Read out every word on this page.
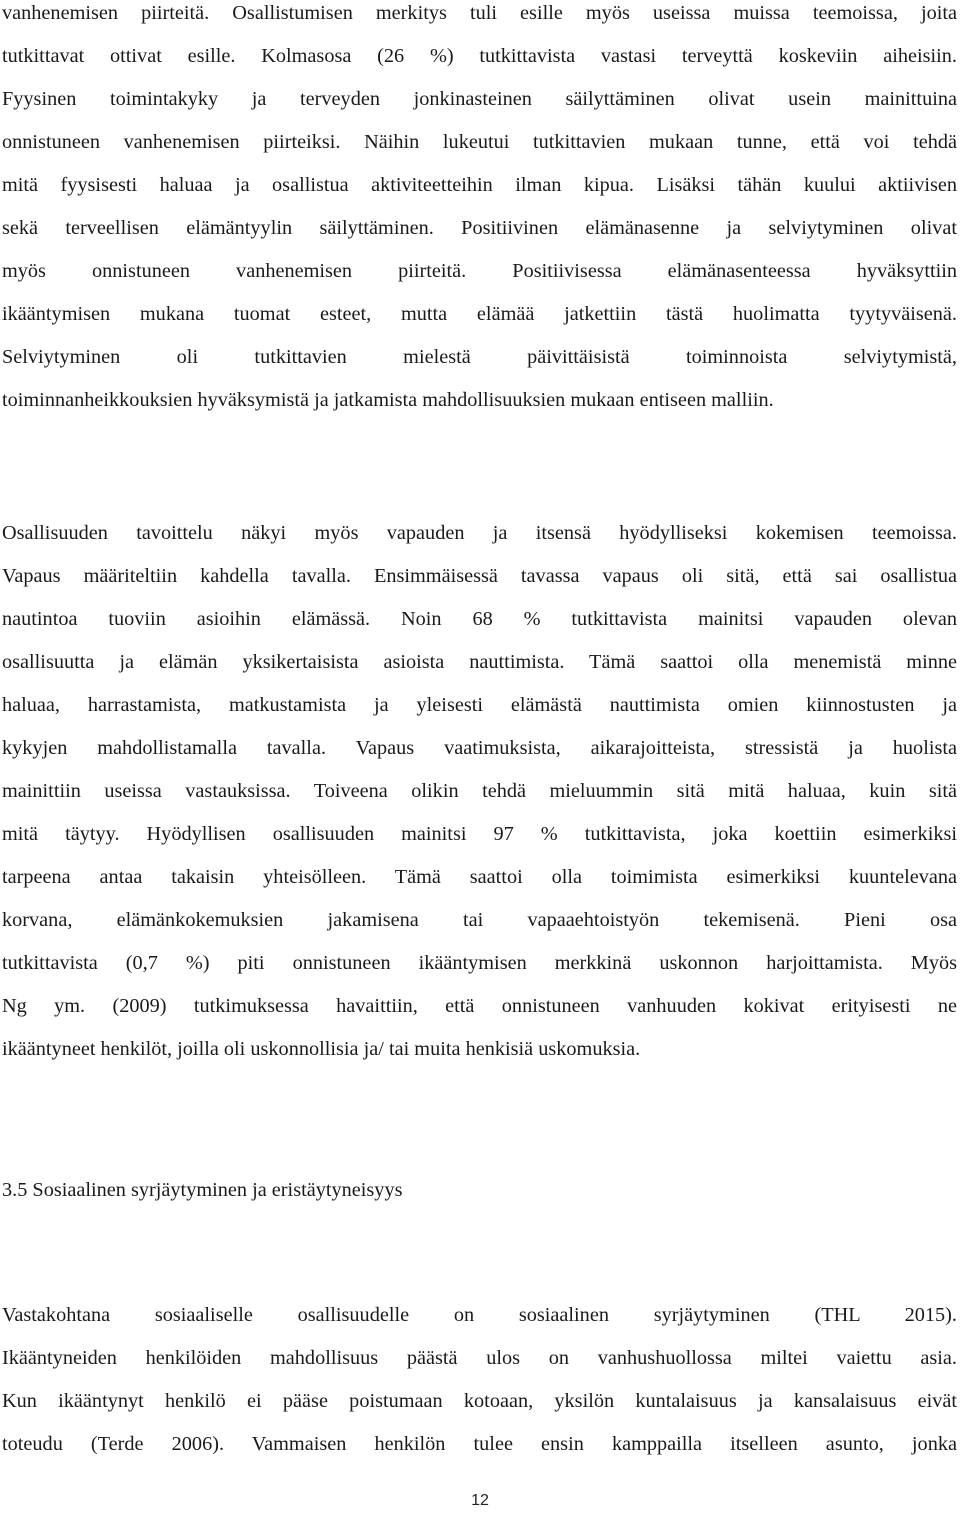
vanhenemisen piirteitä. Osallistumisen merkitys tuli esille myös useissa muissa teemoissa, joita
tutkittavat ottivat esille. Kolmasosa (26 %) tutkittavista vastasi terveyttä koskeviin aiheisiin.
Fyysinen toimintakyky ja terveyden jonkinasteinen säilyttäminen olivat usein mainittuina
onnistuneen vanhenemisen piirteiksi. Näihin lukeutui tutkittavien mukaan tunne, että voi tehdä
mitä fyysisesti haluaa ja osallistua aktiviteetteihin ilman kipua. Lisäksi tähän kuului aktiivisen
sekä terveellisen elämäntyylin säilyttäminen. Positiivinen elämänasenne ja selviytyminen olivat
myös onnistuneen vanhenemisen piirteitä. Positiivisessa elämänasenteessa hyväksyttiin
ikääntymisen mukana tuomat esteet, mutta elämää jatkettiin tästä huolimatta tyytyväisenä.
Selviytyminen oli tutkittavien mielestä päivittäisistä toiminnoista selviytymistä,
toiminnanheikkouksien hyväksymistä ja jatkamista mahdollisuuksien mukaan entiseen malliin.
Osallisuuden tavoittelu näkyi myös vapauden ja itsensä hyödylliseksi kokemisen teemoissa.
Vapaus määriteltiin kahdella tavalla. Ensimmäisessä tavassa vapaus oli sitä, että sai osallistua
nautintoa tuoviin asioihin elämässä. Noin 68 % tutkittavista mainitsi vapauden olevan
osallisuutta ja elämän yksikertaisista asioista nauttimista. Tämä saattoi olla menemistä minne
haluaa, harrastamista, matkustamista ja yleisesti elämästä nauttimista omien kiinnostusten ja
kykyjen mahdollistamalla tavalla. Vapaus vaatimuksista, aikarajoitteista, stressistä ja huolista
mainittiin useissa vastauksissa. Toiveena olikin tehdä mieluummin sitä mitä haluaa, kuin sitä
mitä täytyy. Hyödyllisen osallisuuden mainitsi 97 % tutkittavista, joka koettiin esimerkiksi
tarpeena antaa takaisin yhteisölleen. Tämä saattoi olla toimimista esimerkiksi kuuntelevana
korvana, elämänkokemuksien jakamisena tai vapaaehtoistyön tekemisenä. Pieni osa
tutkittavista (0,7 %) piti onnistuneen ikääntymisen merkkinä uskonnon harjoittamista. Myös
Ng ym. (2009) tutkimuksessa havaittiin, että onnistuneen vanhuuden kokivat erityisesti ne
ikääntyneet henkilöt, joilla oli uskonnollisia ja/ tai muita henkisiä uskomuksia.
3.5 Sosiaalinen syrjäytyminen ja eristäytyneisyys
Vastakohtana sosiaaliselle osallisuudelle on sosiaalinen syrjäytyminen (THL 2015).
Ikääntyneiden henkilöiden mahdollisuus päästä ulos on vanhushuollossa miltei vaiettu asia.
Kun ikääntynyt henkilö ei pääse poistumaan kotoaan, yksilön kuntalaisuus ja kansalaisuus eivät
toteudu (Terde 2006). Vammaisen henkilön tulee ensin kamppailla itselleen asunto, jonka
12
